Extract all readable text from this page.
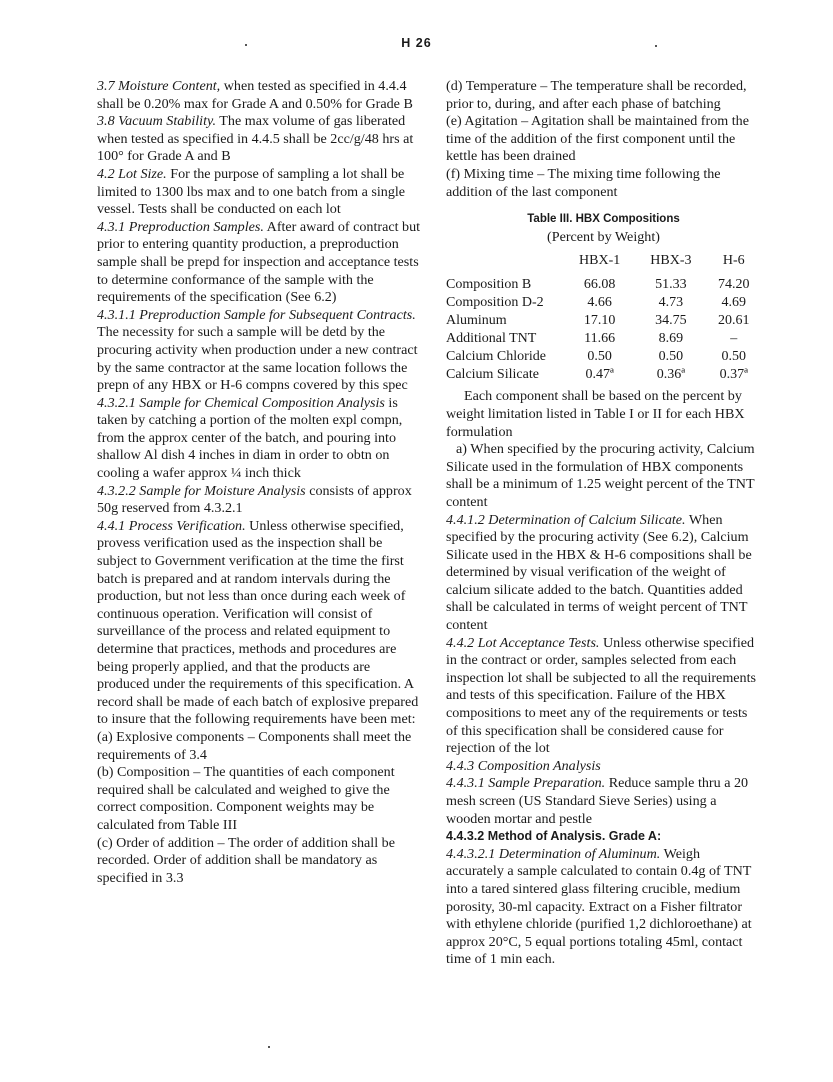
H 26

3.7 Moisture Content, when tested as specified in 4.4.4 shall be 0.20% max for Grade A and 0.50% for Grade B

3.8 Vacuum Stability. The max volume of gas liberated when tested as specified in 4.4.5 shall be 2cc/g/48 hrs at 100° for Grade A and B

4.2 Lot Size. For the purpose of sampling a lot shall be limited to 1300 lbs max and to one batch from a single vessel. Tests shall be conducted on each lot

4.3.1 Preproduction Samples. After award of contract but prior to entering quantity production, a preproduction sample shall be prepd for inspection and acceptance tests to determine conformance of the sample with the requirements of the specification (See 6.2)

4.3.1.1 Preproduction Sample for Subsequent Contracts. The necessity for such a sample will be detd by the procuring activity when production under a new contract by the same contractor at the same location follows the prepn of any HBX or H-6 compns covered by this spec

4.3.2.1 Sample for Chemical Composition Analysis is taken by catching a portion of the molten expl compn, from the approx center of the batch, and pouring into shallow Al dish 4 inches in diam in order to obtn on cooling a wafer approx ¼ inch thick

4.3.2.2 Sample for Moisture Analysis consists of approx 50g reserved from 4.3.2.1

4.4.1 Process Verification. Unless otherwise specified, provess verification used as the inspection shall be subject to Government verification at the time the first batch is prepared and at random intervals during the production, but not less than once during each week of continuous operation. Verification will consist of surveillance of the process and related equipment to determine that practices, methods and procedures are being properly applied, and that the products are produced under the requirements of this specification. A record shall be made of each batch of explosive prepared to insure that the following requirements have been met:

(a) Explosive components – Components shall meet the requirements of 3.4

(b) Composition – The quantities of each component required shall be calculated and weighed to give the correct composition. Component weights may be calculated from Table III

(c) Order of addition – The order of addition shall be recorded. Order of addition shall be mandatory as specified in 3.3

(d) Temperature – The temperature shall be recorded, prior to, during, and after each phase of batching

(e) Agitation – Agitation shall be maintained from the time of the addition of the first component until the kettle has been drained

(f) Mixing time – The mixing time following the addition of the last component

Table III. HBX Compositions
(Percent by Weight)
	HBX-1	HBX-3	H-6
Composition B	66.08	51.33	74.20
Composition D-2	4.66	4.73	4.69
Aluminum	17.10	34.75	20.61
Additional TNT	11.66	8.69	–
Calcium Chloride	0.50	0.50	0.50
Calcium Silicate	0.47ª	0.36ª	0.37ª

Each component shall be based on the percent by weight limitation listed in Table I or II for each HBX formulation

a) When specified by the procuring activity, Calcium Silicate used in the formulation of HBX components shall be a minimum of 1.25 weight percent of the TNT content

4.4.1.2 Determination of Calcium Silicate. When specified by the procuring activity (See 6.2), Calcium Silicate used in the HBX & H-6 compositions shall be determined by visual verification of the weight of calcium silicate added to the batch. Quantities added shall be calculated in terms of weight percent of TNT content

4.4.2 Lot Acceptance Tests. Unless otherwise specified in the contract or order, samples selected from each inspection lot shall be subjected to all the requirements and tests of this specification. Failure of the HBX compositions to meet any of the requirements or tests of this specification shall be considered cause for rejection of the lot

4.4.3 Composition Analysis

4.4.3.1 Sample Preparation. Reduce sample thru a 20 mesh screen (US Standard Sieve Series) using a wooden mortar and pestle

4.4.3.2 Method of Analysis. Grade A:

4.4.3.2.1 Determination of Aluminum. Weigh accurately a sample calculated to contain 0.4g of TNT into a tared sintered glass filtering crucible, medium porosity, 30-ml capacity. Extract on a Fisher filtrator with ethylene chloride (purified 1,2 dichloroethane) at approx 20°C, 5 equal portions totaling 45ml, contact time of 1 min each.
